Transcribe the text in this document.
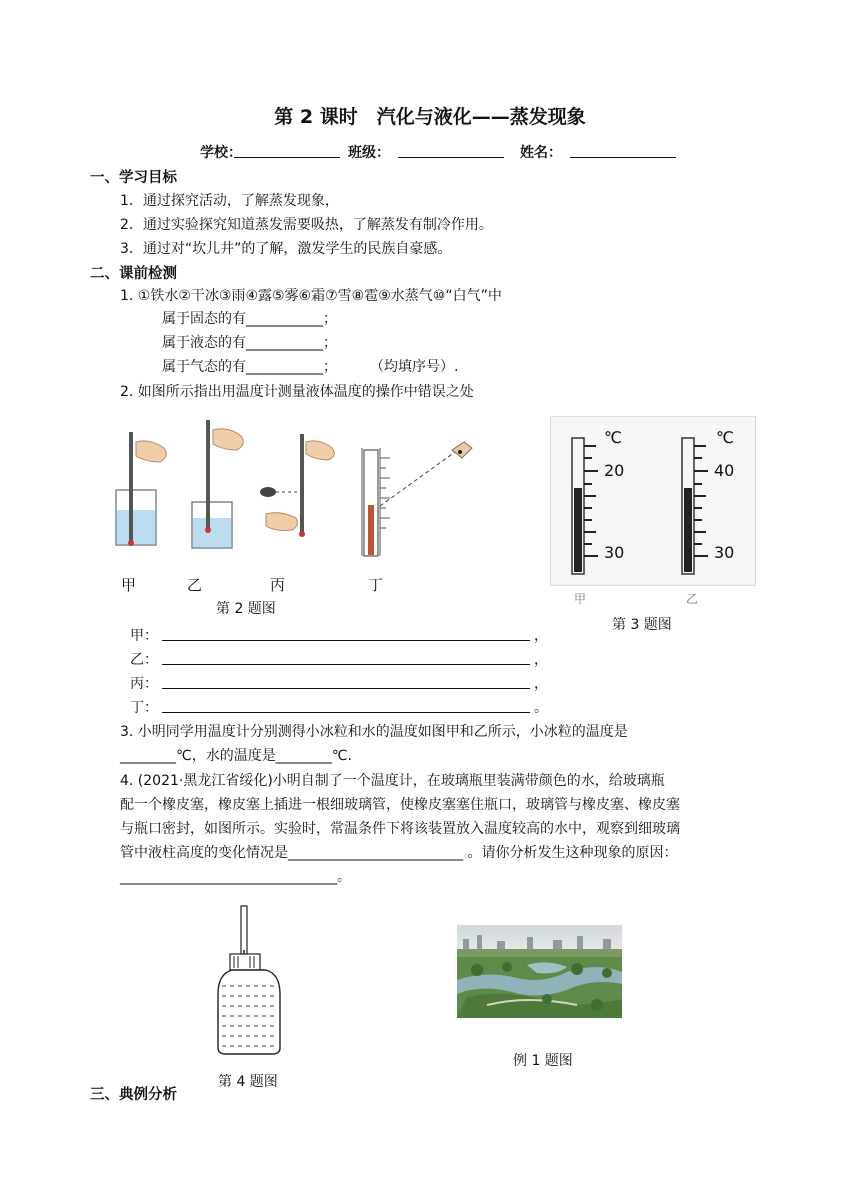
第 2 课时　汽化与液化——蒸发现象
学校：	班级：	姓名：
一、学习目标
1．通过探究活动，了解蒸发现象，
2．通过实验探究知道蒸发需要吸热，了解蒸发有制冷作用。
3．通过对“坎儿井”的了解，激发学生的民族自豪感。
二、课前检测
1. ①铁水②干冰③雨④露⑤雾⑥霜⑦雪⑧雹⑨水蒸气⑩“白气”中
属于固态的有___________；
属于液态的有___________；
属于气态的有___________； （均填序号）.
2. 如图所示指出用温度计测量液体温度的操作中错误之处
甲	乙	丙	丁
第 2 题图
℃	℃
20
30
40
30
甲	乙
第 3 题图
甲：	，
乙：	，
丙：	，
丁：	。
3. 小明同学用温度计分别测得小冰粒和水的温度如图甲和乙所示，小冰粒的温度是
________℃，水的温度是________℃.
4. (2021·黑龙江省绥化)小明自制了一个温度计，在玻璃瓶里装满带颜色的水，给玻璃瓶
配一个橡皮塞，橡皮塞上插进一根细玻璃管，使橡皮塞塞住瓶口，玻璃管与橡皮塞、橡皮塞
与瓶口密封，如图所示。实验时，常温条件下将该装置放入温度较高的水中，观察到细玻璃
管中液柱高度的变化情况是_________________________ 。请你分析发生这种现象的原因：
_______________________________。
第 4 题图
例 1 题图
三、典例分析
